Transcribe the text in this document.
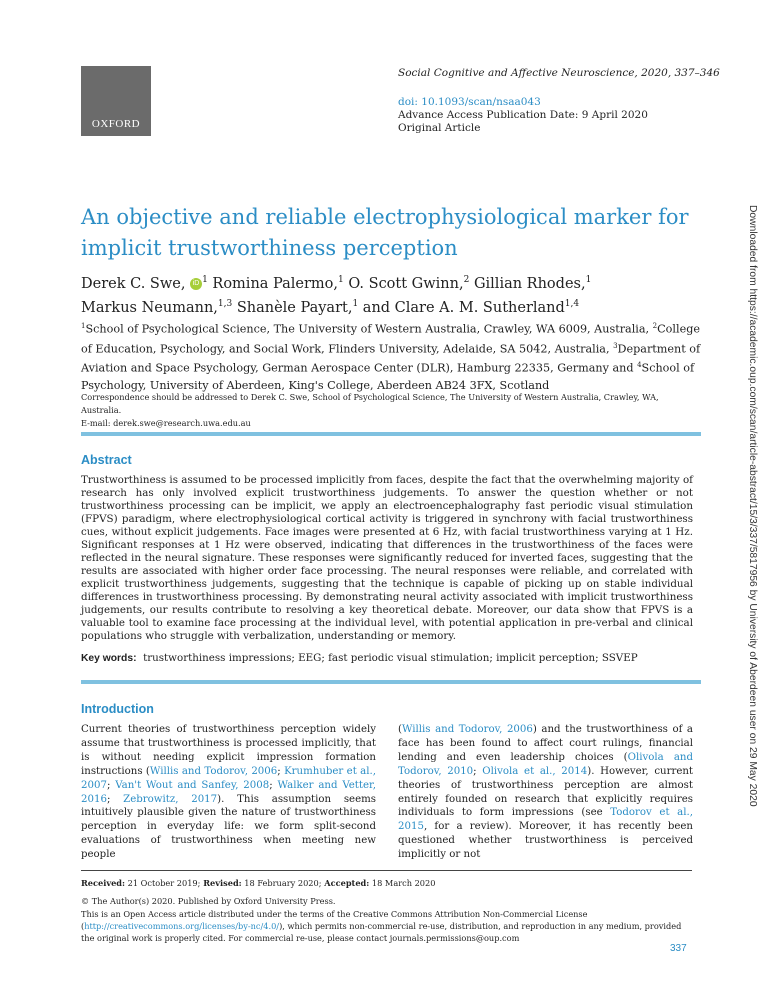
OXFORD
Social Cognitive and Affective Neuroscience, 2020, 337–346
doi: 10.1093/scan/nsaa043
Advance Access Publication Date: 9 April 2020
Original Article
An objective and reliable electrophysiological marker for implicit trustworthiness perception
Derek C. Swe, iD $^1$ Romina Palermo,$^1$ O. Scott Gwinn,$^2$ Gillian Rhodes,$^1$
Markus Neumann,$^{1,3}$ Shanèle Payart,$^1$ and Clare A. M. Sutherland$^{1,4}$
$^1$School of Psychological Science, The University of Western Australia, Crawley, WA 6009, Australia, $^2$College of Education, Psychology, and Social Work, Flinders University, Adelaide, SA 5042, Australia, $^3$Department of Aviation and Space Psychology, German Aerospace Center (DLR), Hamburg 22335, Germany and $^4$School of Psychology, University of Aberdeen, King's College, Aberdeen AB24 3FX, Scotland
Correspondence should be addressed to Derek C. Swe, School of Psychological Science, The University of Western Australia, Crawley, WA, Australia.
E-mail: derek.swe@research.uwa.edu.au
Abstract
Trustworthiness is assumed to be processed implicitly from faces, despite the fact that the overwhelming majority of research has only involved explicit trustworthiness judgements. To answer the question whether or not trustworthiness processing can be implicit, we apply an electroencephalography fast periodic visual stimulation (FPVS) paradigm, where electrophysiological cortical activity is triggered in synchrony with facial trustworthiness cues, without explicit judgements. Face images were presented at 6 Hz, with facial trustworthiness varying at 1 Hz. Significant responses at 1 Hz were observed, indicating that differences in the trustworthiness of the faces were reflected in the neural signature. These responses were significantly reduced for inverted faces, suggesting that the results are associated with higher order face processing. The neural responses were reliable, and correlated with explicit trustworthiness judgements, suggesting that the technique is capable of picking up on stable individual differences in trustworthiness processing. By demonstrating neural activity associated with implicit trustworthiness judgements, our results contribute to resolving a key theoretical debate. Moreover, our data show that FPVS is a valuable tool to examine face processing at the individual level, with potential application in pre-verbal and clinical populations who struggle with verbalization, understanding or memory.
Key words: trustworthiness impressions; EEG; fast periodic visual stimulation; implicit perception; SSVEP
Introduction
Current theories of trustworthiness perception widely assume that trustworthiness is processed implicitly, that is without needing explicit impression formation instructions (Willis and Todorov, 2006; Krumhuber et al., 2007; Van't Wout and Sanfey, 2008; Walker and Vetter, 2016; Zebrowitz, 2017). This assumption seems intuitively plausible given the nature of trustworthiness perception in everyday life: we form split-second evaluations of trustworthiness when meeting new people
(Willis and Todorov, 2006) and the trustworthiness of a face has been found to affect court rulings, financial lending and even leadership choices (Olivola and Todorov, 2010; Olivola et al., 2014). However, current theories of trustworthiness perception are almost entirely founded on research that explicitly requires individuals to form impressions (see Todorov et al., 2015, for a review). Moreover, it has recently been questioned whether trustworthiness is perceived implicitly or not
Received: 21 October 2019; Revised: 18 February 2020; Accepted: 18 March 2020
© The Author(s) 2020. Published by Oxford University Press.
This is an Open Access article distributed under the terms of the Creative Commons Attribution Non-Commercial License (http://creativecommons.org/licenses/by-nc/4.0/), which permits non-commercial re-use, distribution, and reproduction in any medium, provided the original work is properly cited. For commercial re-use, please contact journals.permissions@oup.com
337
Downloaded from https://academic.oup.com/scan/article-abstract/15/3/337/5817956 by University of Aberdeen user on 29 May 2020
